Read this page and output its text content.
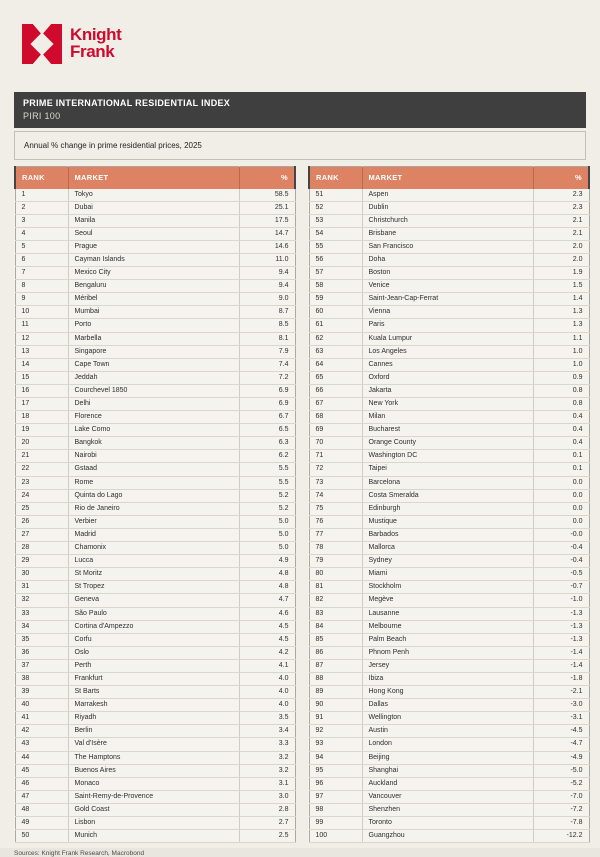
Knight
Frank
PRIME INTERNATIONAL RESIDENTIAL INDEX
PIRI 100
Annual % change in prime residential prices, 2025
RANK	MARKET	%
1	Tokyo	58.5
2	Dubai	25.1
3	Manila	17.5
4	Seoul	14.7
5	Prague	14.6
6	Cayman Islands	11.0
7	Mexico City	9.4
8	Bengaluru	9.4
9	Méribel	9.0
10	Mumbai	8.7
11	Porto	8.5
12	Marbella	8.1
13	Singapore	7.9
14	Cape Town	7.4
15	Jeddah	7.2
16	Courchevel 1850	6.9
17	Delhi	6.9
18	Florence	6.7
19	Lake Como	6.5
20	Bangkok	6.3
21	Nairobi	6.2
22	Gstaad	5.5
23	Rome	5.5
24	Quinta do Lago	5.2
25	Rio de Janeiro	5.2
26	Verbier	5.0
27	Madrid	5.0
28	Chamonix	5.0
29	Lucca	4.9
30	St Moritz	4.8
31	St Tropez	4.8
32	Geneva	4.7
33	São Paulo	4.6
34	Cortina d'Ampezzo	4.5
35	Corfu	4.5
36	Oslo	4.2
37	Perth	4.1
38	Frankfurt	4.0
39	St Barts	4.0
40	Marrakesh	4.0
41	Riyadh	3.5
42	Berlin	3.4
43	Val d'Isère	3.3
44	The Hamptons	3.2
45	Buenos Aires	3.2
46	Monaco	3.1
47	Saint-Remy-de-Provence	3.0
48	Gold Coast	2.8
49	Lisbon	2.7
50	Munich	2.5
RANK	MARKET	%
51	Aspen	2.3
52	Dublin	2.3
53	Christchurch	2.1
54	Brisbane	2.1
55	San Francisco	2.0
56	Doha	2.0
57	Boston	1.9
58	Venice	1.5
59	Saint-Jean-Cap-Ferrat	1.4
60	Vienna	1.3
61	Paris	1.3
62	Kuala Lumpur	1.1
63	Los Angeles	1.0
64	Cannes	1.0
65	Oxford	0.9
66	Jakarta	0.8
67	New York	0.8
68	Milan	0.4
69	Bucharest	0.4
70	Orange County	0.4
71	Washington DC	0.1
72	Taipei	0.1
73	Barcelona	0.0
74	Costa Smeralda	0.0
75	Edinburgh	0.0
76	Mustique	0.0
77	Barbados	-0.0
78	Mallorca	-0.4
79	Sydney	-0.4
80	Miami	-0.5
81	Stockholm	-0.7
82	Megève	-1.0
83	Lausanne	-1.3
84	Melbourne	-1.3
85	Palm Beach	-1.3
86	Phnom Penh	-1.4
87	Jersey	-1.4
88	Ibiza	-1.8
89	Hong Kong	-2.1
90	Dallas	-3.0
91	Wellington	-3.1
92	Austin	-4.5
93	London	-4.7
94	Beijing	-4.9
95	Shanghai	-5.0
96	Auckland	-5.2
97	Vancouver	-7.0
98	Shenzhen	-7.2
99	Toronto	-7.8
100	Guangzhou	-12.2
Sources: Knight Frank Research, Macrobond
